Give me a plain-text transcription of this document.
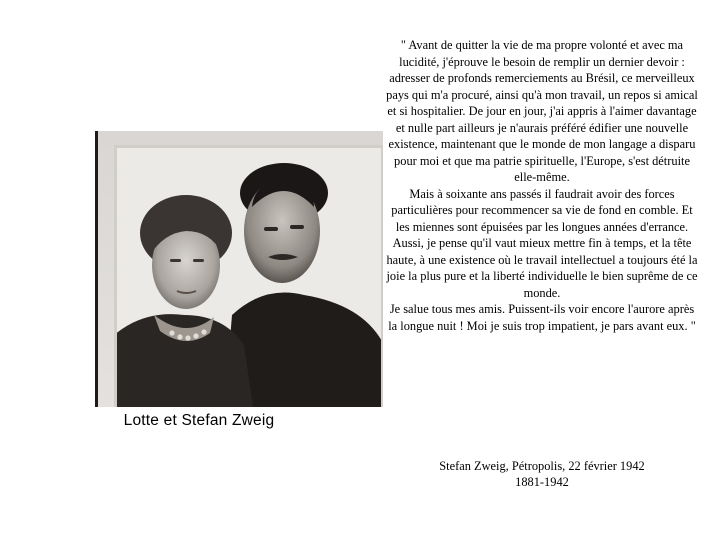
Lotte et Stefan Zweig

" Avant de quitter la vie de ma propre volonté et avec ma lucidité, j'éprouve le besoin de remplir un dernier devoir : adresser de profonds remerciements au Brésil, ce merveilleux pays qui m'a procuré, ainsi qu'à mon travail, un repos si amical et si hospitalier. De jour en jour, j'ai appris à l'aimer davantage et nulle part ailleurs je n'aurais préféré édifier une nouvelle existence, maintenant que le monde de mon langage a disparu pour moi et que ma patrie spirituelle, l'Europe, s'est détruite elle-même.

Mais à soixante ans passés il faudrait avoir des forces particulières pour recommencer sa vie de fond en comble. Et les miennes sont épuisées par les longues années d'errance. Aussi, je pense qu'il vaut mieux mettre fin à temps, et la tête haute, à une existence où le travail intellectuel a toujours été la joie la plus pure et la liberté individuelle le bien suprême de ce monde.

Je salue tous mes amis. Puissent-ils voir encore l'aurore après la longue nuit ! Moi je suis trop impatient, je pars avant eux. "

Stefan Zweig, Pétropolis, 22 février 1942

1881-1942
